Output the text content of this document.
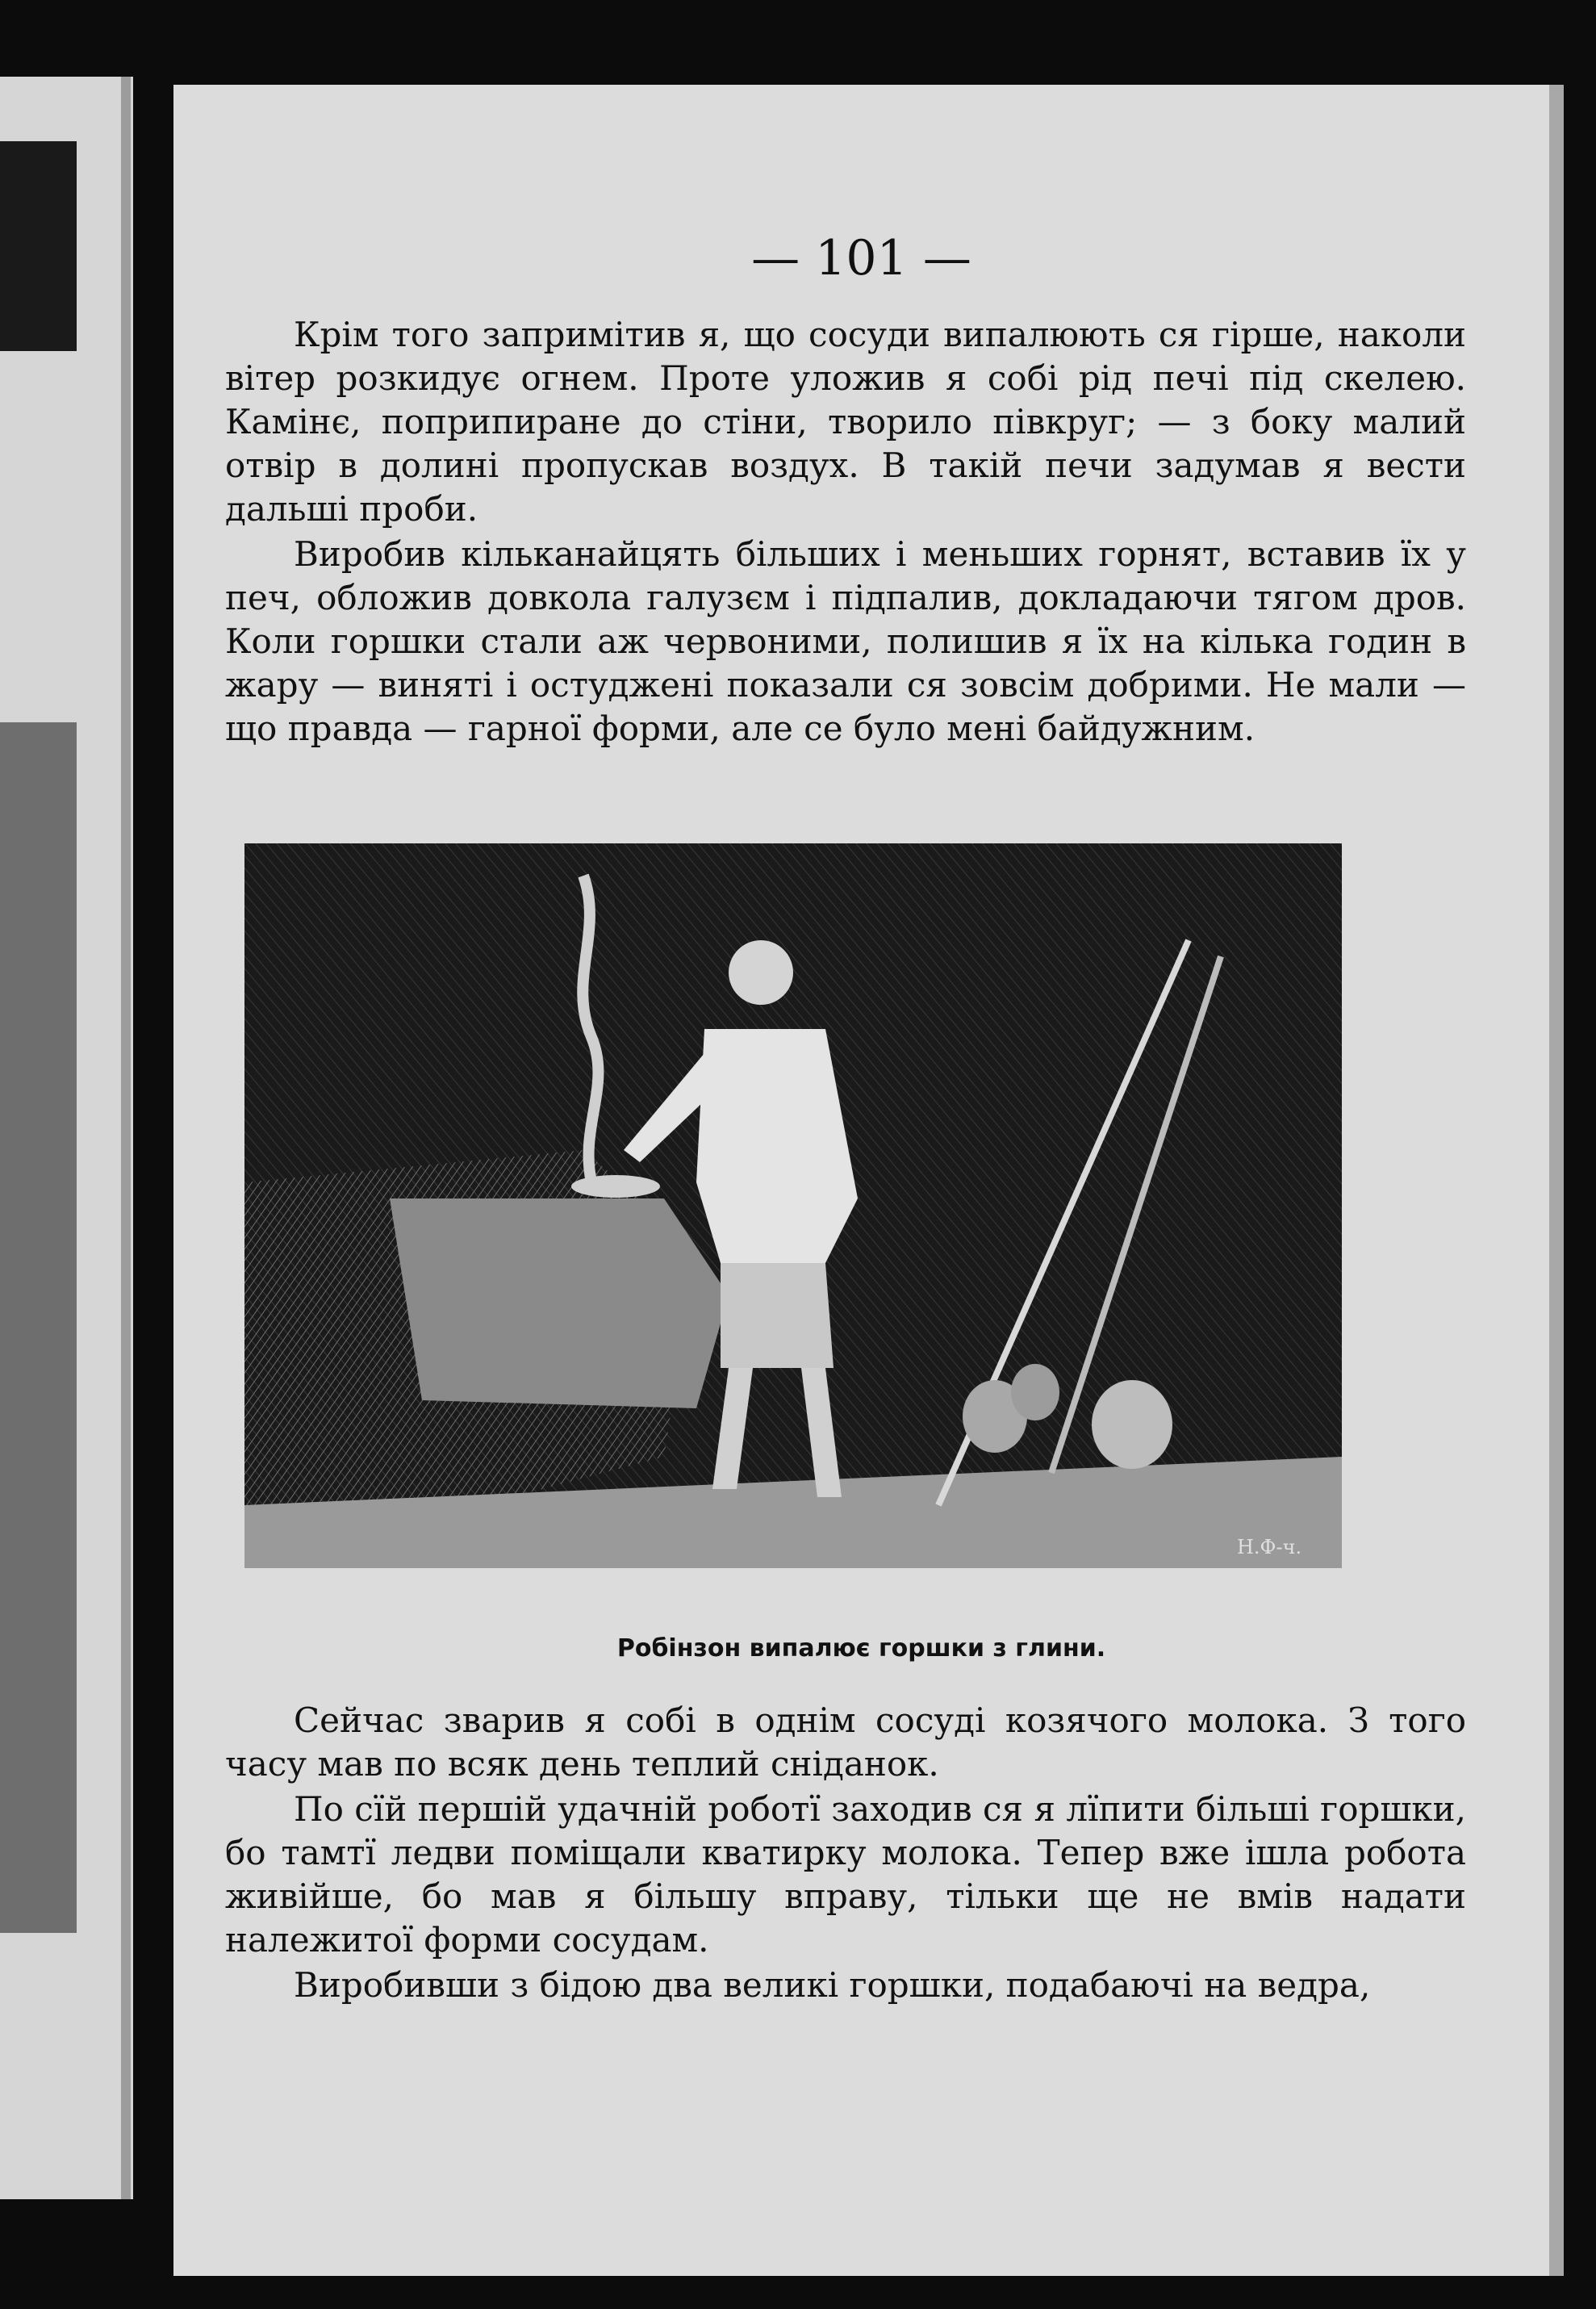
— 101 —

Крім того запримітив я, що сосуди випалюють ся гірше, наколи вітер розкидує огнем. Проте уложив я собі рід печі під скелею. Камінє, поприпиране до стіни, творило півкруг; — з боку малий отвір в долині пропускав воздух. В такій печи задумав я вести дальші проби.

Виробив кільканайцять більших і меньших горнят, вставив їх у печ, обложив довкола галузєм і підпалив, докладаючи тягом дров. Коли горшки стали аж червоними, полишив я їх на кілька годин в жару — виняті і остуджені показали ся зовсім добрими. Не мали — що правда — гарної форми, але се було мені байдужним.

Н.Ф-ч.
Робінзон випалює горшки з глини.

Сейчас зварив я собі в однім сосуді козячого молока. З того часу мав по всяк день теплий сніданок.

По сїй першій удачній роботї заходив ся я лїпити більші горшки, бо тамтї ледви поміщали кватирку молока. Тепер вже ішла робота живійше, бо мав я більшу вправу, тільки ще не вмів надати належитої форми сосудам.

Виробивши з бідою два великі горшки, подабаючі на ведра,
